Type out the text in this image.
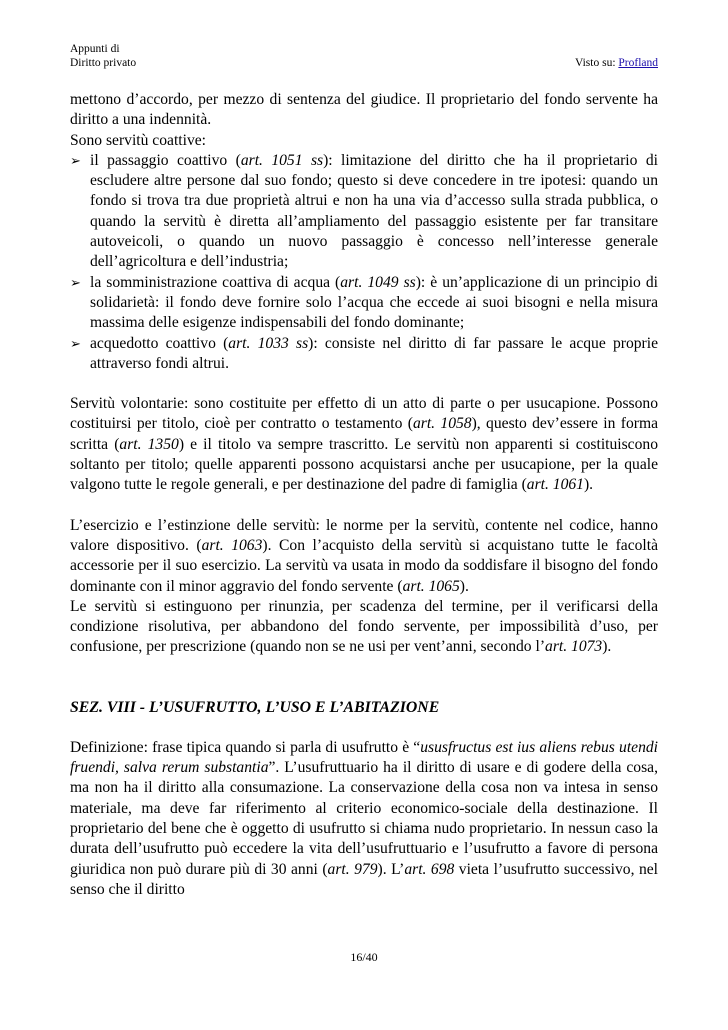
Appunti di
Diritto privato	Visto su: Profland

mettono d’accordo, per mezzo di sentenza del giudice. Il proprietario del fondo servente ha diritto a una indennità.

Sono servitù coattive:

➢ il passaggio coattivo (art. 1051 ss): limitazione del diritto che ha il proprietario di escludere altre persone dal suo fondo; questo si deve concedere in tre ipotesi: quando un fondo si trova tra due proprietà altrui e non ha una via d’accesso sulla strada pubblica, o quando la servitù è diretta all’ampliamento del passaggio esistente per far transitare autoveicoli, o quando un nuovo passaggio è concesso nell’interesse generale dell’agricoltura e dell’industria;
➢ la somministrazione coattiva di acqua (art. 1049 ss): è un’applicazione di un principio di solidarietà: il fondo deve fornire solo l’acqua che eccede ai suoi bisogni e nella misura massima delle esigenze indispensabili del fondo dominante;
➢ acquedotto coattivo (art. 1033 ss): consiste nel diritto di far passare le acque proprie attraverso fondi altrui.

Servitù volontarie: sono costituite per effetto di un atto di parte o per usucapione. Possono costituirsi per titolo, cioè per contratto o testamento (art. 1058), questo dev’essere in forma scritta (art. 1350) e il titolo va sempre trascritto. Le servitù non apparenti si costituiscono soltanto per titolo; quelle apparenti possono acquistarsi anche per usucapione, per la quale valgono tutte le regole generali, e per destinazione del padre di famiglia (art. 1061).

L’esercizio e l’estinzione delle servitù: le norme per la servitù, contente nel codice, hanno valore dispositivo. (art. 1063). Con l’acquisto della servitù si acquistano tutte le facoltà accessorie per il suo esercizio. La servitù va usata in modo da soddisfare il bisogno del fondo dominante con il minor aggravio del fondo servente (art. 1065).

Le servitù si estinguono per rinunzia, per scadenza del termine, per il verificarsi della condizione risolutiva, per abbandono del fondo servente, per impossibilità d’uso, per confusione, per prescrizione (quando non se ne usi per vent’anni, secondo l’art. 1073).

SEZ. VIII - L’USUFRUTTO, L’USO E L’ABITAZIONE

Definizione: frase tipica quando si parla di usufrutto è “ususfructus est ius aliens rebus utendi fruendi, salva rerum substantia”. L’usufruttuario ha il diritto di usare e di godere della cosa, ma non ha il diritto alla consumazione. La conservazione della cosa non va intesa in senso materiale, ma deve far riferimento al criterio economico-sociale della destinazione. Il proprietario del bene che è oggetto di usufrutto si chiama nudo proprietario. In nessun caso la durata dell’usufrutto può eccedere la vita dell’usufruttuario e l’usufrutto a favore di persona giuridica non può durare più di 30 anni (art. 979). L’art. 698 vieta l’usufrutto successivo, nel senso che il diritto

16/40
